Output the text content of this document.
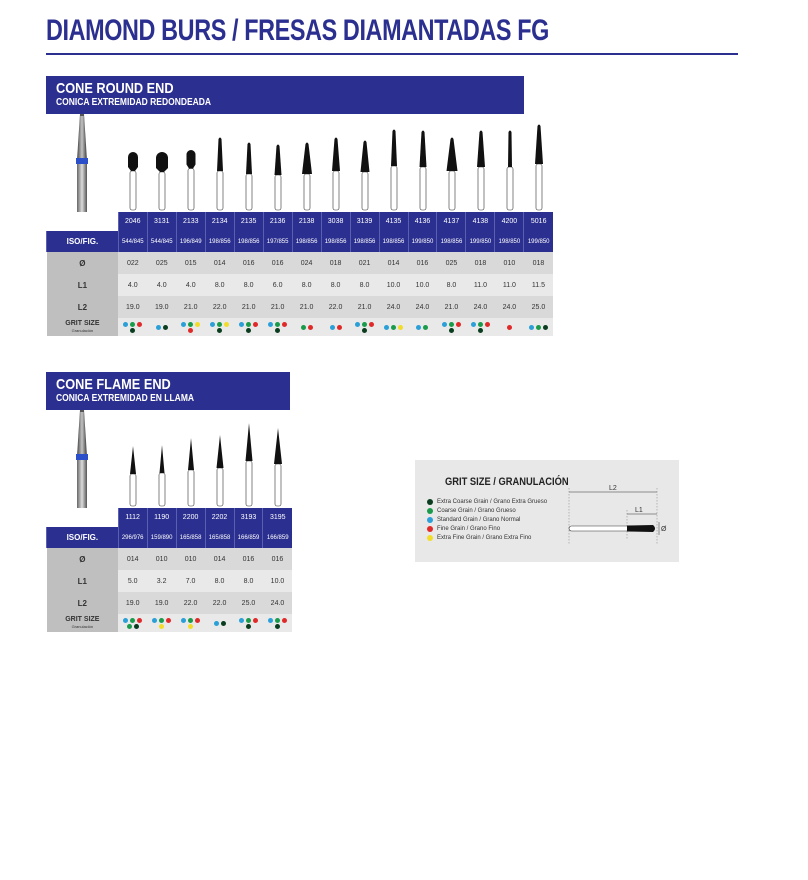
DIAMOND BURS / FRESAS DIAMANTADAS FG
CONE ROUND END
CONICA EXTREMIDAD REDONDEADA
	2046	3131	2133	2134	2135	2136	2138	3038	3139	4135	4136	4137	4138	4200	5016
ISO/FIG.	544/845	544/845	196/849	198/856	198/856	197/855	198/856	198/856	198/856	198/856	199/850	198/856	199/850	198/850	199/850
Ø	022	025	015	014	016	016	024	018	021	014	016	025	018	010	018
L1	4.0	4.0	4.0	8.0	8.0	6.0	8.0	8.0	8.0	10.0	10.0	8.0	11.0	11.0	11.5
L2	19.0	19.0	21.0	22.0	21.0	21.0	21.0	22.0	21.0	24.0	24.0	21.0	24.0	24.0	25.0
GRIT SIZE
Granulación															

CONE FLAME END
CONICA EXTREMIDAD EN LLAMA
	1112	1190	2200	2202	3193	3195
ISO/FIG.	296/976	159/890	165/858	165/858	166/859	166/859
Ø	014	010	010	014	016	016
L1	5.0	3.2	7.0	8.0	8.0	10.0
L2	19.0	19.0	22.0	22.0	25.0	24.0
GRIT SIZE
Granulación						

GRIT SIZE / GRANULACIÓN
Extra Coarse Grain / Grano Extra Grueso
Coarse Grain / Grano Grueso
Standard Grain / Grano Normal
Fine Grain / Grano Fino
Extra Fine Grain / Grano Extra Fino
L2
L1
Ø
